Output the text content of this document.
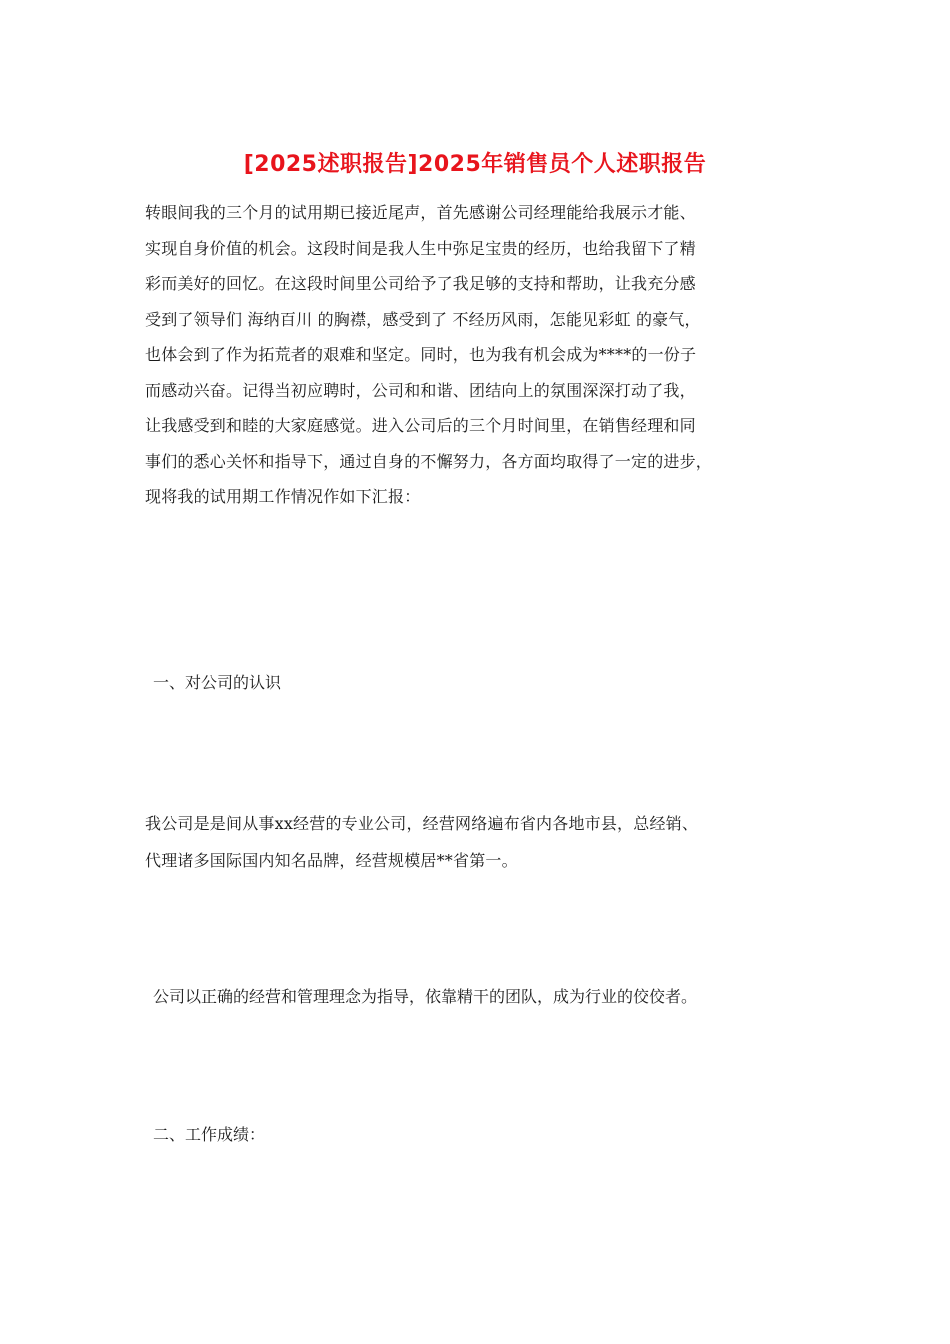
[2025述职报告]2025年销售员个人述职报告
转眼间我的三个月的试用期已接近尾声，首先感谢公司经理能给我展示才能、
实现自身价值的机会。这段时间是我人生中弥足宝贵的经历，也给我留下了精
彩而美好的回忆。在这段时间里公司给予了我足够的支持和帮助，让我充分感
受到了领导们 海纳百川 的胸襟，感受到了 不经历风雨，怎能见彩虹 的豪气，
也体会到了作为拓荒者的艰难和坚定。同时，也为我有机会成为****的一份子
而感动兴奋。记得当初应聘时，公司和和谐、团结向上的氛围深深打动了我，
让我感受到和睦的大家庭感觉。进入公司后的三个月时间里，在销售经理和同
事们的悉心关怀和指导下，通过自身的不懈努力，各方面均取得了一定的进步，
现将我的试用期工作情况作如下汇报：
一、对公司的认识
我公司是是间从事xx经营的专业公司，经营网络遍布省内各地市县，总经销、
代理诸多国际国内知名品牌，经营规模居**省第一。
公司以正确的经营和管理理念为指导，依靠精干的团队，成为行业的佼佼者。
二、工作成绩：
